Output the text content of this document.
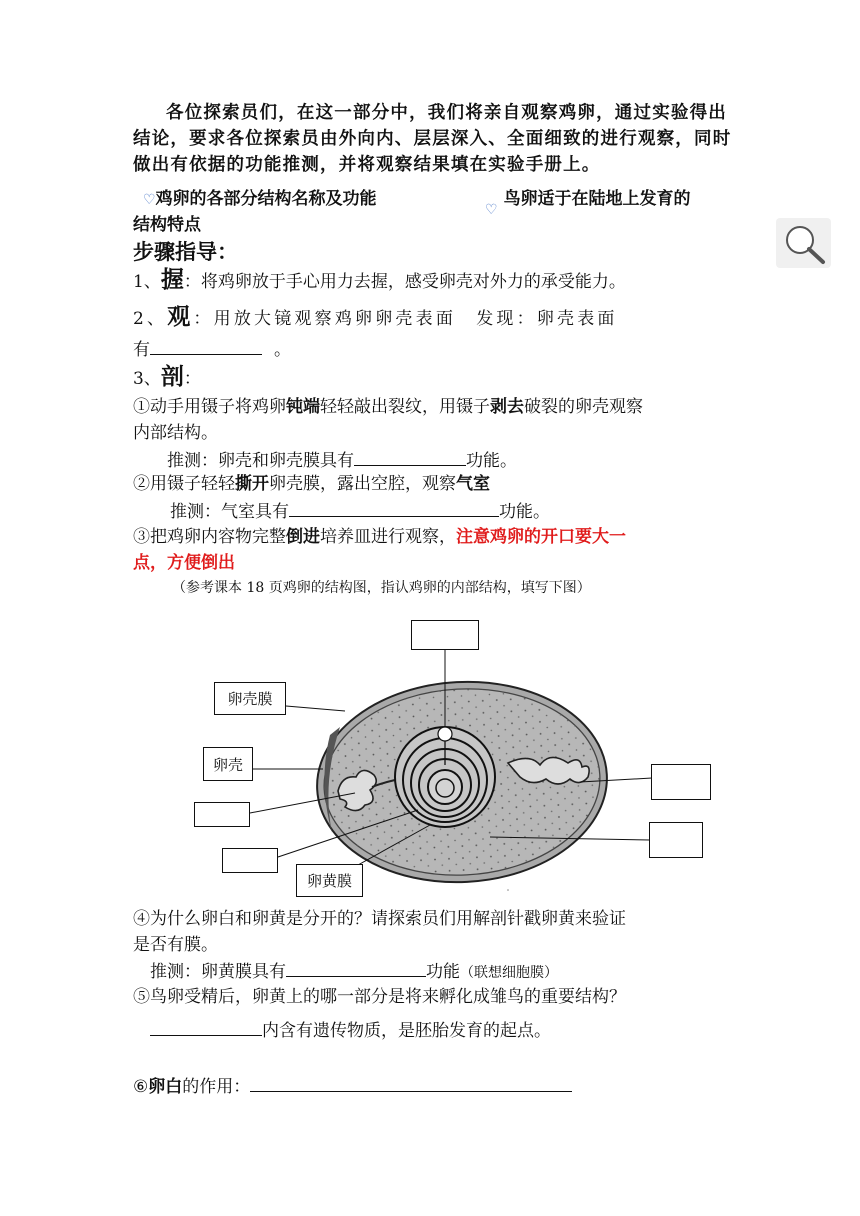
各位探索员们，在这一部分中，我们将亲自观察鸡卵，通过实验得出结论，要求各位探索员由外向内、层层深入、全面细致的进行观察，同时做出有依据的功能推测，并将观察结果填在实验手册上。
♡鸡卵的各部分结构名称及功能
$_♡$鸟卵适于在陆地上发育的
结构特点
步骤指导：
1、握：将鸡卵放于手心用力去握，感受卵壳对外力的承受能力。
2、观：用放大镜观察鸡卵卵壳表面　发现：卵壳表面
有	。
3、剖：
①动手用镊子将鸡卵钝端轻轻敲出裂纹，用镊子剥去破裂的卵壳观察
内部结构。
推测：卵壳和卵壳膜具有	功能。
②用镊子轻轻撕开卵壳膜，露出空腔，观察气室
推测：气室具有	功能。
③把鸡卵内容物完整倒进培养皿进行观察，注意鸡卵的开口要大一
点，方便倒出
（参考课本 18 页鸡卵的结构图，指认鸡卵的内部结构，填写下图）
卵壳膜
卵壳
卵黄膜
④为什么卵白和卵黄是分开的？请探索员们用解剖针戳卵黄来验证
是否有膜。
推测：卵黄膜具有	功能（联想细胞膜）
⑤鸟卵受精后，卵黄上的哪一部分是将来孵化成雏鸟的重要结构？
内含有遗传物质，是胚胎发育的起点。
⑥卵白的作用：
